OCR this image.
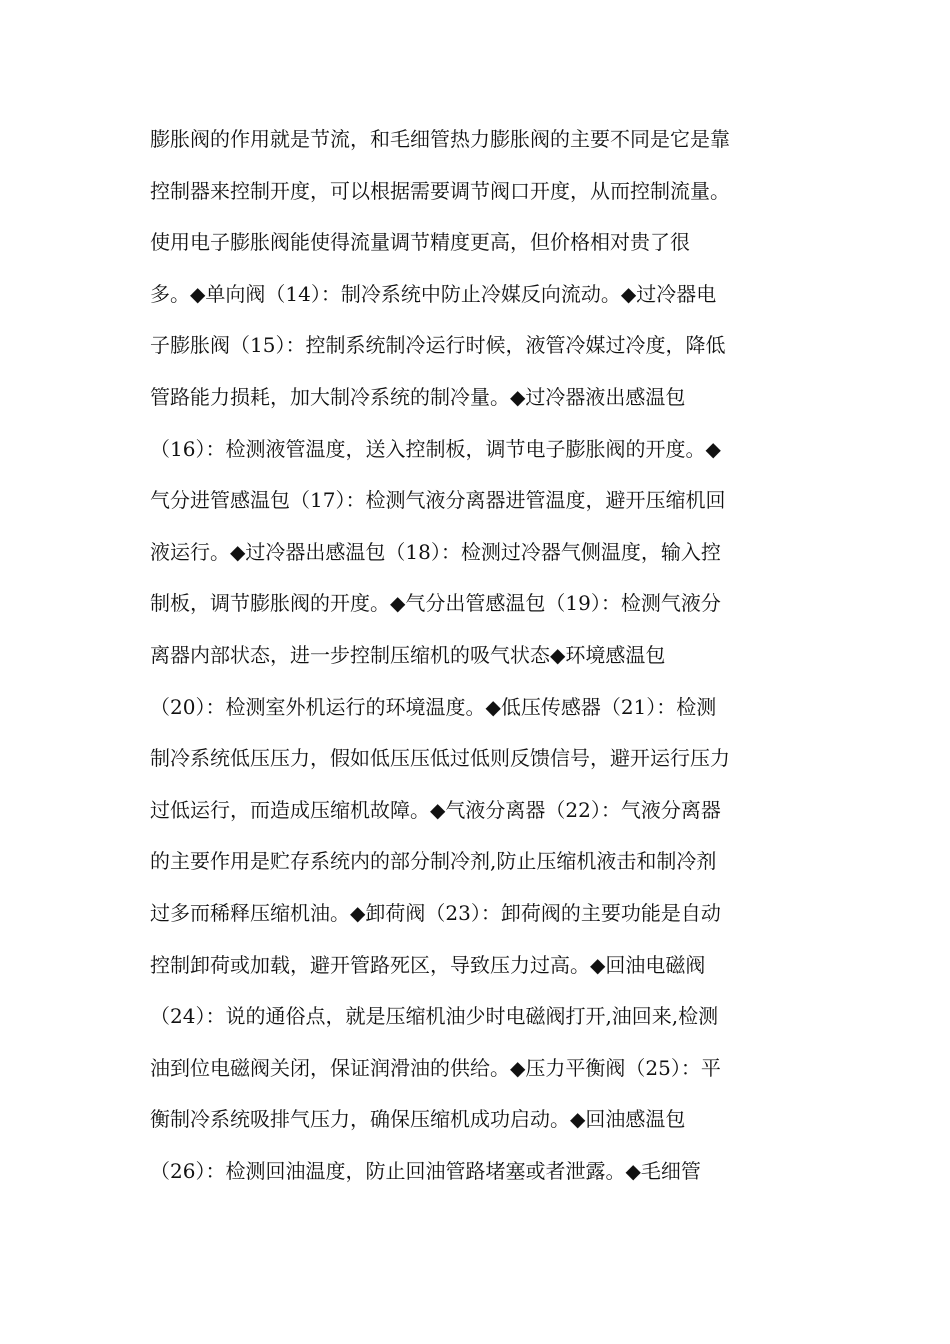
膨胀阀的作用就是节流，和毛细管热力膨胀阀的主要不同是它是靠
控制器来控制开度，可以根据需要调节阀口开度，从而控制流量。
使用电子膨胀阀能使得流量调节精度更高，但价格相对贵了很
多。◆单向阀（14）：制冷系统中防止冷媒反向流动。◆过冷器电
子膨胀阀（15）：控制系统制冷运行时候，液管冷媒过冷度，降低
管路能力损耗，加大制冷系统的制冷量。◆过冷器液出感温包
（16）：检测液管温度，送入控制板，调节电子膨胀阀的开度。◆
气分进管感温包（17）：检测气液分离器进管温度，避开压缩机回
液运行。◆过冷器出感温包（18）：检测过冷器气侧温度，输入控
制板，调节膨胀阀的开度。◆气分出管感温包（19）：检测气液分
离器内部状态，进一步控制压缩机的吸气状态◆环境感温包
（20）：检测室外机运行的环境温度。◆低压传感器（21）：检测
制冷系统低压压力，假如低压压低过低则反馈信号，避开运行压力
过低运行，而造成压缩机故障。◆气液分离器（22）：气液分离器
的主要作用是贮存系统内的部分制冷剂,防止压缩机液击和制冷剂
过多而稀释压缩机油。◆卸荷阀（23）：卸荷阀的主要功能是自动
控制卸荷或加载，避开管路死区，导致压力过高。◆回油电磁阀
（24）：说的通俗点，就是压缩机油少时电磁阀打开,油回来,检测
油到位电磁阀关闭，保证润滑油的供给。◆压力平衡阀（25）：平
衡制冷系统吸排气压力，确保压缩机成功启动。◆回油感温包
（26）：检测回油温度，防止回油管路堵塞或者泄露。◆毛细管
